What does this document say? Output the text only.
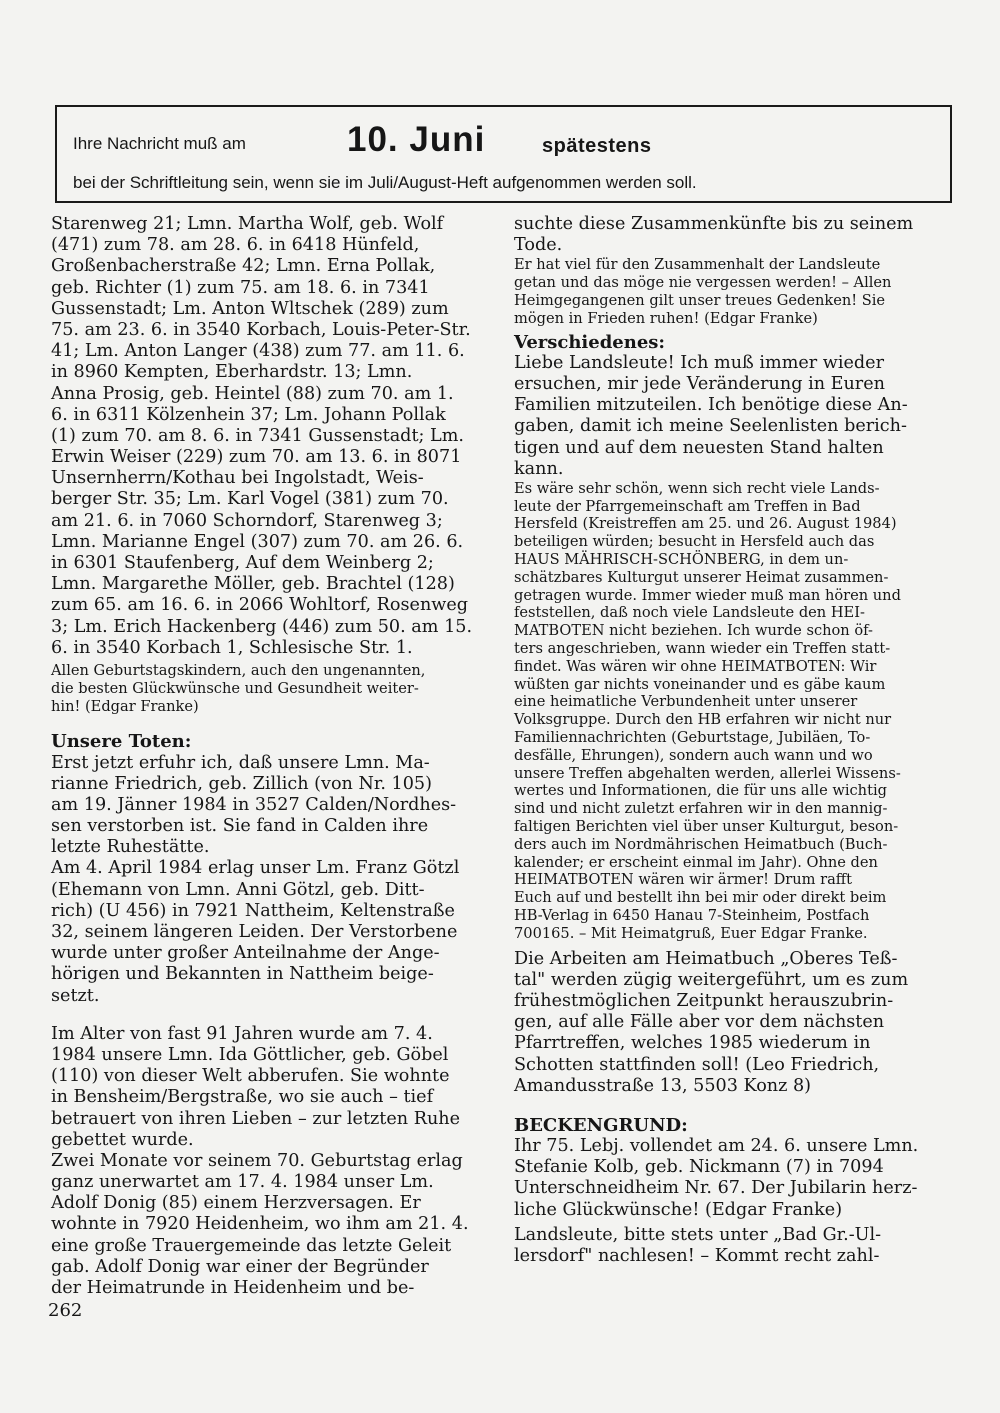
Ihre Nachricht muß am	10. Juni	spätestens
bei der Schriftleitung sein, wenn sie im Juli/August-Heft aufgenommen werden soll.
Starenweg 21; Lmn. Martha Wolf, geb. Wolf
(471) zum 78. am 28. 6. in 6418 Hünfeld,
Großenbacherstraße 42; Lmn. Erna Pollak,
geb. Richter (1) zum 75. am 18. 6. in 7341
Gussenstadt; Lm. Anton Wltschek (289) zum
75. am 23. 6. in 3540 Korbach, Louis-Peter-Str.
41; Lm. Anton Langer (438) zum 77. am 11. 6.
in 8960 Kempten, Eberhardstr. 13; Lmn.
Anna Prosig, geb. Heintel (88) zum 70. am 1.
6. in 6311 Kölzenhein 37; Lm. Johann Pollak
(1) zum 70. am 8. 6. in 7341 Gussenstadt; Lm.
Erwin Weiser (229) zum 70. am 13. 6. in 8071
Unsernherrn/Kothau bei Ingolstadt, Weis-
berger Str. 35; Lm. Karl Vogel (381) zum 70.
am 21. 6. in 7060 Schorndorf, Starenweg 3;
Lmn. Marianne Engel (307) zum 70. am 26. 6.
in 6301 Staufenberg, Auf dem Weinberg 2;
Lmn. Margarethe Möller, geb. Brachtel (128)
zum 65. am 16. 6. in 2066 Wohltorf, Rosenweg
3; Lm. Erich Hackenberg (446) zum 50. am 15.
6. in 3540 Korbach 1, Schlesische Str. 1.
Allen Geburtstagskindern, auch den ungenannten,
die besten Glückwünsche und Gesundheit weiter-
hin! (Edgar Franke)
Unsere Toten:
Erst jetzt erfuhr ich, daß unsere Lmn. Ma-
rianne Friedrich, geb. Zillich (von Nr. 105)
am 19. Jänner 1984 in 3527 Calden/Nordhes-
sen verstorben ist. Sie fand in Calden ihre
letzte Ruhestätte.
Am 4. April 1984 erlag unser Lm. Franz Götzl
(Ehemann von Lmn. Anni Götzl, geb. Ditt-
rich) (U 456) in 7921 Nattheim, Keltenstraße
32, seinem längeren Leiden. Der Verstorbene
wurde unter großer Anteilnahme der Ange-
hörigen und Bekannten in Nattheim beige-
setzt.
Im Alter von fast 91 Jahren wurde am 7. 4.
1984 unsere Lmn. Ida Göttlicher, geb. Göbel
(110) von dieser Welt abberufen. Sie wohnte
in Bensheim/Bergstraße, wo sie auch – tief
betrauert von ihren Lieben – zur letzten Ruhe
gebettet wurde.
Zwei Monate vor seinem 70. Geburtstag erlag
ganz unerwartet am 17. 4. 1984 unser Lm.
Adolf Donig (85) einem Herzversagen. Er
wohnte in 7920 Heidenheim, wo ihm am 21. 4.
eine große Trauergemeinde das letzte Geleit
gab. Adolf Donig war einer der Begründer
der Heimatrunde in Heidenheim und be-
suchte diese Zusammenkünfte bis zu seinem
Tode.
Er hat viel für den Zusammenhalt der Landsleute
getan und das möge nie vergessen werden! – Allen
Heimgegangenen gilt unser treues Gedenken! Sie
mögen in Frieden ruhen! (Edgar Franke)
Verschiedenes:
Liebe Landsleute! Ich muß immer wieder
ersuchen, mir jede Veränderung in Euren
Familien mitzuteilen. Ich benötige diese An-
gaben, damit ich meine Seelenlisten berich-
tigen und auf dem neuesten Stand halten
kann.
Es wäre sehr schön, wenn sich recht viele Lands-
leute der Pfarrgemeinschaft am Treffen in Bad
Hersfeld (Kreistreffen am 25. und 26. August 1984)
beteiligen würden; besucht in Hersfeld auch das
HAUS MÄHRISCH-SCHÖNBERG, in dem un-
schätzbares Kulturgut unserer Heimat zusammen-
getragen wurde. Immer wieder muß man hören und
feststellen, daß noch viele Landsleute den HEI-
MATBOTEN nicht beziehen. Ich wurde schon öf-
ters angeschrieben, wann wieder ein Treffen statt-
findet. Was wären wir ohne HEIMATBOTEN: Wir
wüßten gar nichts voneinander und es gäbe kaum
eine heimatliche Verbundenheit unter unserer
Volksgruppe. Durch den HB erfahren wir nicht nur
Familiennachrichten (Geburtstage, Jubiläen, To-
desfälle, Ehrungen), sondern auch wann und wo
unsere Treffen abgehalten werden, allerlei Wissens-
wertes und Informationen, die für uns alle wichtig
sind und nicht zuletzt erfahren wir in den mannig-
faltigen Berichten viel über unser Kulturgut, beson-
ders auch im Nordmährischen Heimatbuch (Buch-
kalender; er erscheint einmal im Jahr). Ohne den
HEIMATBOTEN wären wir ärmer! Drum rafft
Euch auf und bestellt ihn bei mir oder direkt beim
HB-Verlag in 6450 Hanau 7-Steinheim, Postfach
700165. – Mit Heimatgruß, Euer Edgar Franke.
Die Arbeiten am Heimatbuch „Oberes Teß-
tal" werden zügig weitergeführt, um es zum
frühestmöglichen Zeitpunkt herauszubrin-
gen, auf alle Fälle aber vor dem nächsten
Pfarrtreffen, welches 1985 wiederum in
Schotten stattfinden soll! (Leo Friedrich,
Amandusstraße 13, 5503 Konz 8)
BECKENGRUND:
Ihr 75. Lebj. vollendet am 24. 6. unsere Lmn.
Stefanie Kolb, geb. Nickmann (7) in 7094
Unterschneidheim Nr. 67. Der Jubilarin herz-
liche Glückwünsche! (Edgar Franke)
Landsleute, bitte stets unter „Bad Gr.-Ul-
lersdorf" nachlesen! – Kommt recht zahl-
262
